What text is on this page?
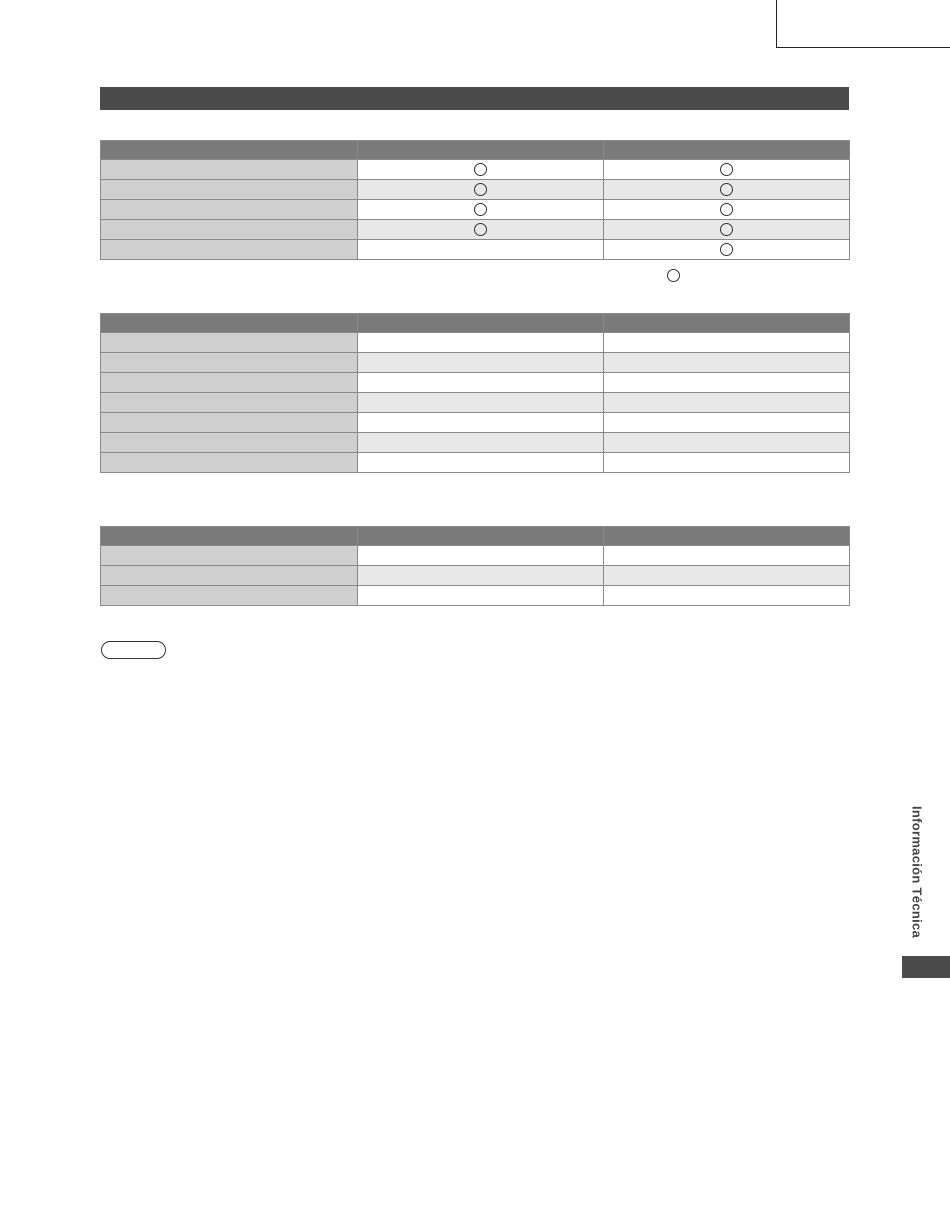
Información Técnica
